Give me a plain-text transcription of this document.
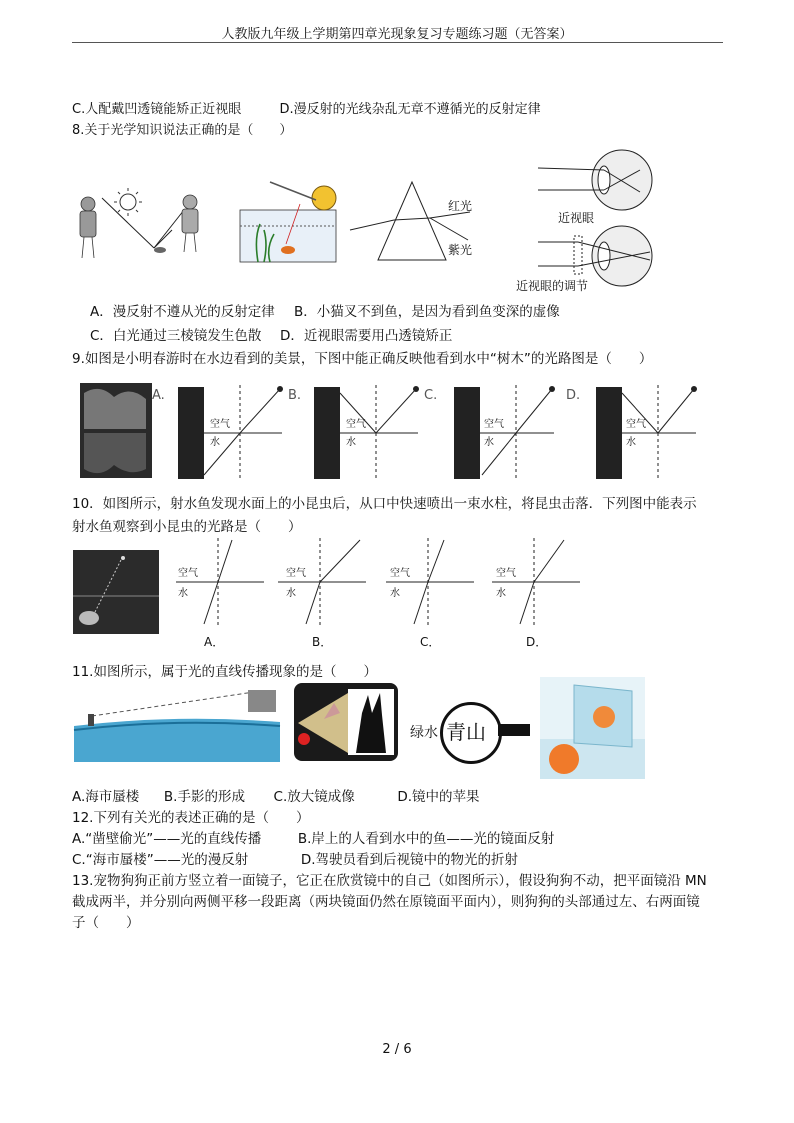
人教版九年级上学期第四章光现象复习专题练习题（无答案）
C.人配戴凹透镜能矫正近视眼	D.漫反射的光线杂乱无章不遵循光的反射定律
8.关于光学知识说法正确的是（　　）
红光
紫光
近视眼
近视眼的调节
A．漫反射不遵从光的反射定律 B．小猫叉不到鱼，是因为看到鱼变深的虚像
C．白光通过三棱镜发生色散 D．近视眼需要用凸透镜矫正
9.如图是小明春游时在水边看到的美景，下图中能正确反映他看到水中“树木”的光路图是（　　）
A.
空气
水
B.
空气
水
C.
空气
水
D.
空气
水
10．如图所示，射水鱼发现水面上的小昆虫后，从口中快速喷出一束水柱，将昆虫击落．下列图中能表示
射水鱼观察到小昆虫的光路是（　　）
空气
水
A．
空气
水
B．
空气
水
C．
空气
水
D．
11.如图所示，属于光的直线传播现象的是（　　）
绿水 青山
A.海市蜃楼 B.手影的形成 C.放大镜成像	D.镜中的苹果
12.下列有关光的表述正确的是（　　）
A.“凿壁偷光”——光的直线传播	B.岸上的人看到水中的鱼——光的镜面反射
C.“海市蜃楼”——光的漫反射	D.驾驶员看到后视镜中的物光的折射
13.宠物狗狗正前方竖立着一面镜子，它正在欣赏镜中的自己（如图所示），假设狗狗不动，把平面镜沿 MN
截成两半，并分别向两侧平移一段距离（两块镜面仍然在原镜面平面内），则狗狗的头部通过左、右两面镜
子（　　）
2 / 6
